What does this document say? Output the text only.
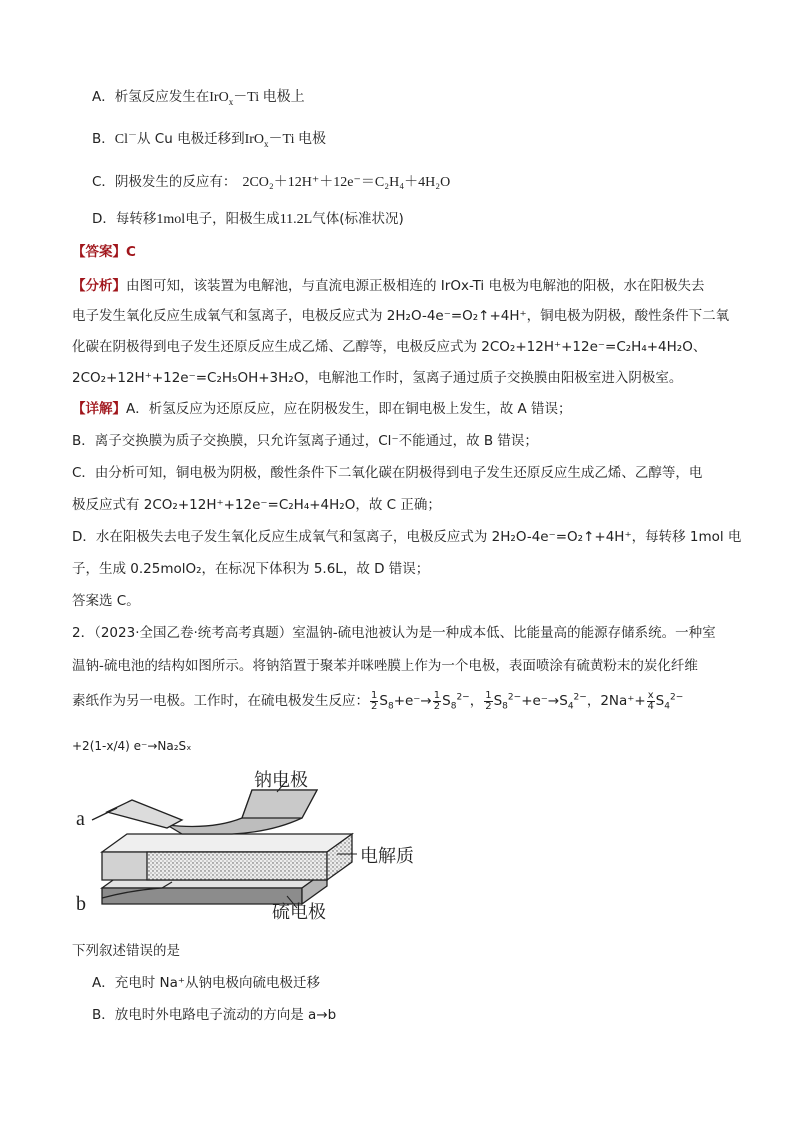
A．析氢反应发生在IrO$_x$－Ti 电极上
B．Cl－从 Cu 电极迁移到IrO$_x$－Ti 电极
C．阴极发生的反应有： 2CO₂＋12H⁺＋12e⁻＝C₂H₄＋4H₂O
D．每转移1mol电子，阳极生成11.2L气体(标准状况)
【答案】C
【分析】由图可知，该装置为电解池，与直流电源正极相连的 IrOx-Ti 电极为电解池的阳极，水在阳极失去
电子发生氧化反应生成氧气和氢离子，电极反应式为 2H₂O-4e⁻=O₂↑+4H⁺，铜电极为阴极，酸性条件下二氧
化碳在阴极得到电子发生还原反应生成乙烯、乙醇等，电极反应式为 2CO₂+12H⁺+12e⁻=C₂H₄+4H₂O、
2CO₂+12H⁺+12e⁻=C₂H₅OH+3H₂O，电解池工作时，氢离子通过质子交换膜由阳极室进入阴极室。
【详解】A．析氢反应为还原反应，应在阴极发生，即在铜电极上发生，故 A 错误；
B．离子交换膜为质子交换膜，只允许氢离子通过，Cl⁻不能通过，故 B 错误；
C．由分析可知，铜电极为阴极，酸性条件下二氧化碳在阴极得到电子发生还原反应生成乙烯、乙醇等，电
极反应式有 2CO₂+12H⁺+12e⁻=C₂H₄+4H₂O，故 C 正确；
D．水在阳极失去电子发生氧化反应生成氧气和氢离子，电极反应式为 2H₂O-4e⁻=O₂↑+4H⁺，每转移 1mol 电
子，生成 0.25molO₂，在标况下体积为 5.6L，故 D 错误；
答案选 C。
2．（2023·全国乙卷·统考高考真题）室温钠-硫电池被认为是一种成本低、比能量高的能源存储系统。一种室
温钠-硫电池的结构如图所示。将钠箔置于聚苯并咪唑膜上作为一个电极，表面喷涂有硫黄粉末的炭化纤维
素纸作为另一电极。工作时，在硫电极发生反应： $\frac{1}{2} S_8+e^-\to \frac{1}{2} S_8^{2-}$， $\frac{1}{2} S_8^{2-}+e^-\to S_4^{2-}$，$2Na^++ \frac{x}{4} S_4^{2-}$
+2(1-x/4) e⁻→Na₂Sₓ
a
b
钠电极
电解质
硫电极
下列叙述错误的是
A．充电时 Na⁺从钠电极向硫电极迁移
B．放电时外电路电子流动的方向是 a→b
